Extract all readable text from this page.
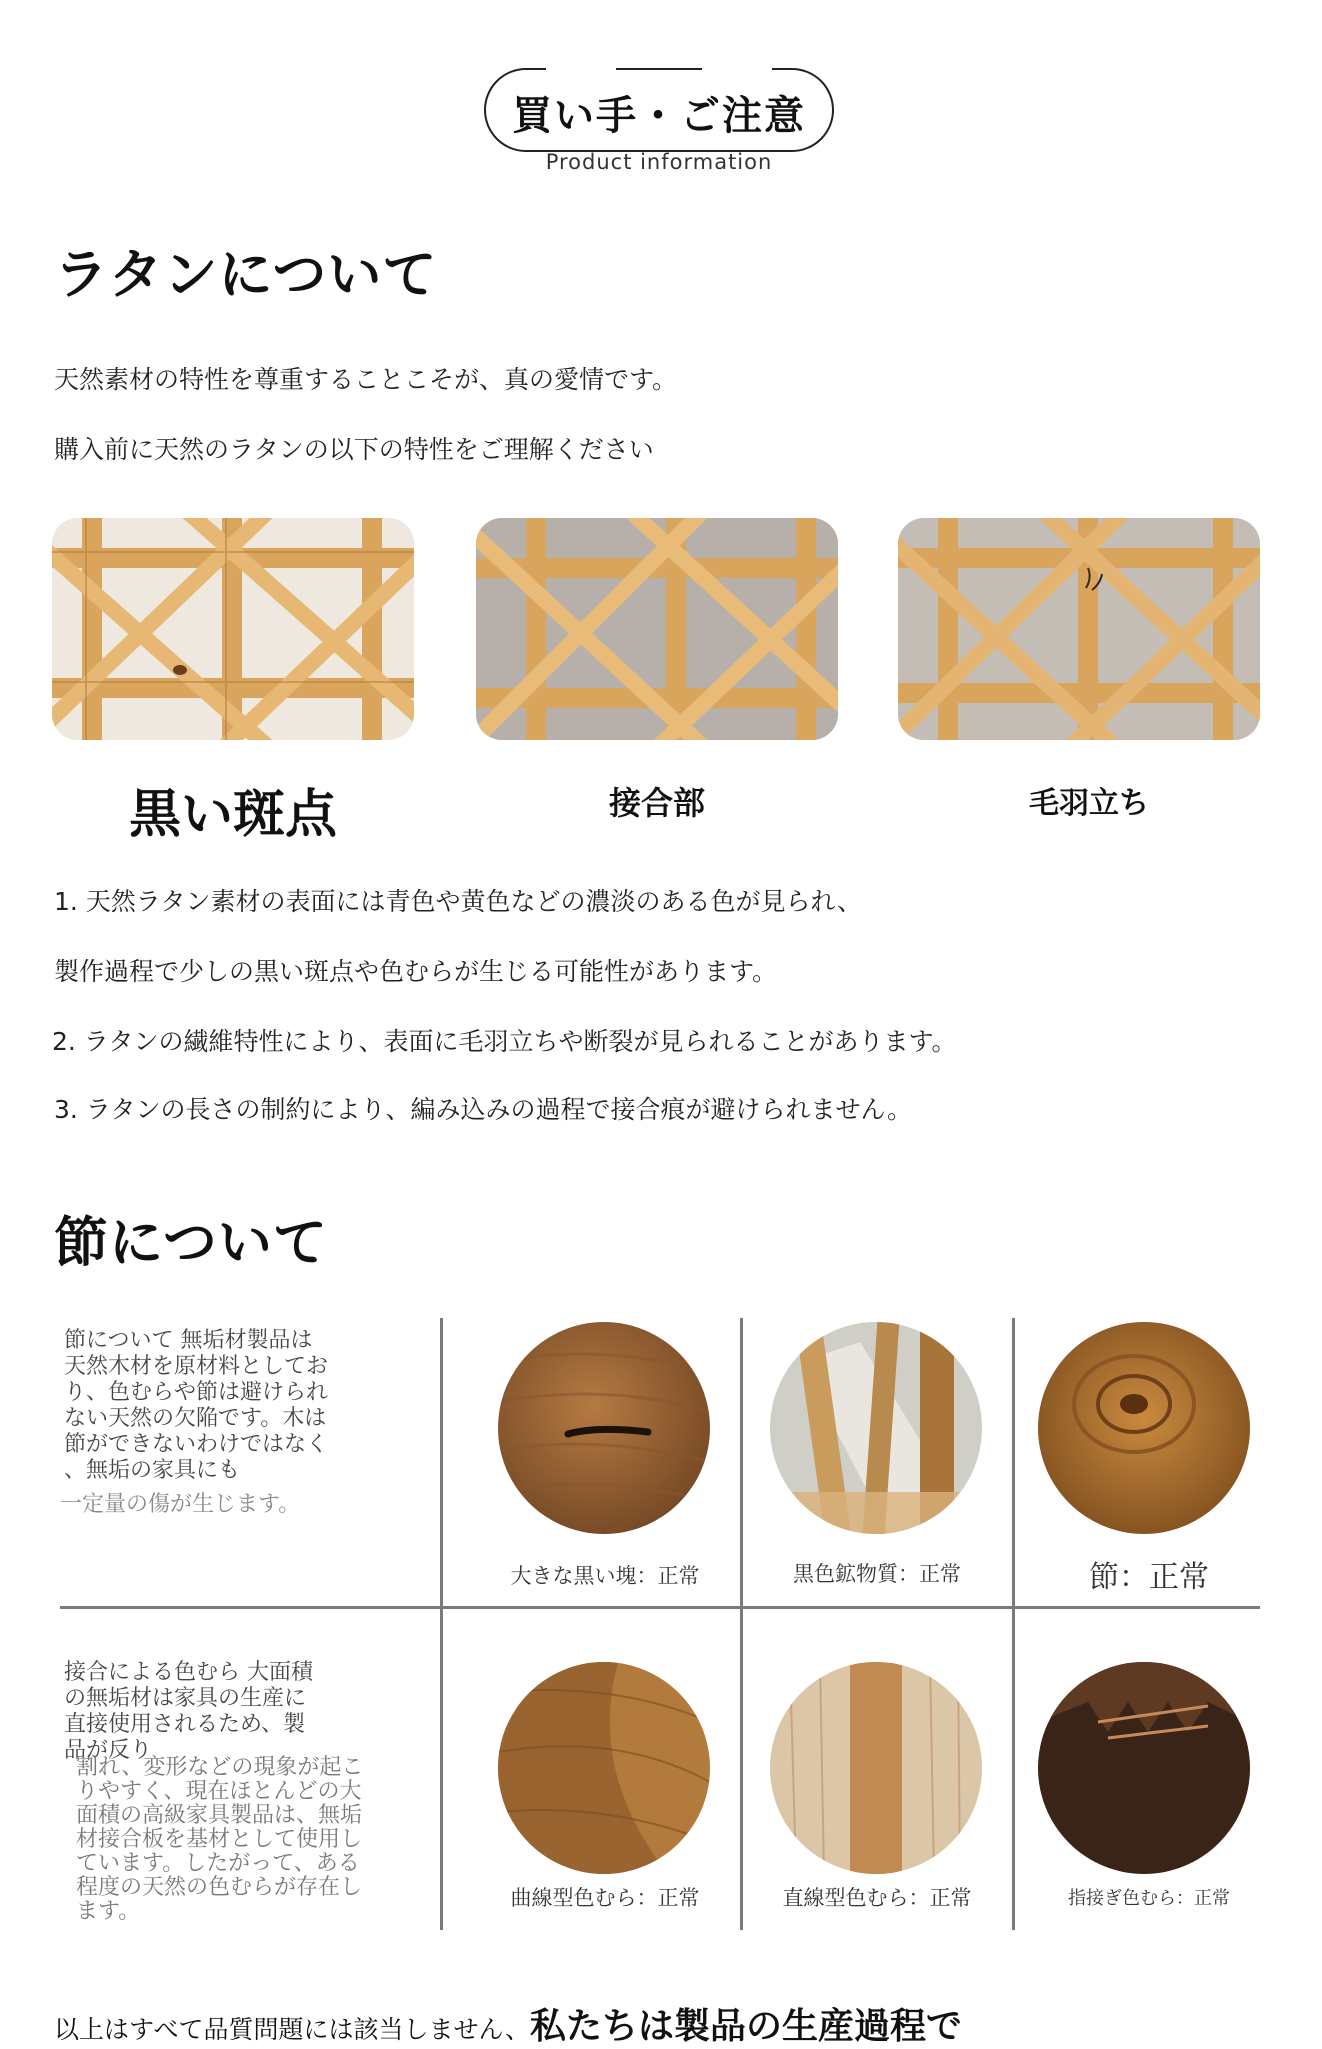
買い手・ご注意
Product information
ラタンについて
天然素材の特性を尊重することこそが、真の愛情です。
購入前に天然のラタンの以下の特性をご理解ください
黒い斑点	接合部	毛羽立ち
1. 天然ラタン素材の表面には青色や黄色などの濃淡のある色が見られ、
製作過程で少しの黒い斑点や色むらが生じる可能性があります。
2. ラタンの繊維特性により、表面に毛羽立ちや断裂が見られることがあります。
3. ラタンの長さの制約により、編み込みの過程で接合痕が避けられません。
節について
節について 無垢材製品は
天然木材を原材料としてお
り、色むらや節は避けられ
ない天然の欠陥です。木は
節ができないわけではなく
、無垢の家具にも
一定量の傷が生じます。
大きな黒い塊：正常	黒色鉱物質：正常	節：正常
接合による色むら 大面積
の無垢材は家具の生産に
直接使用されるため、製
品が反り
割れ、変形などの現象が起こ
りやすく、現在ほとんどの大
面積の高級家具製品は、無垢
材接合板を基材として使用し
ています。したがって、ある
程度の天然の色むらが存在し
ます。
曲線型色むら：正常	直線型色むら：正常	指接ぎ色むら：正常
以上はすべて品質問題には該当しません、私たちは製品の生産過程で
